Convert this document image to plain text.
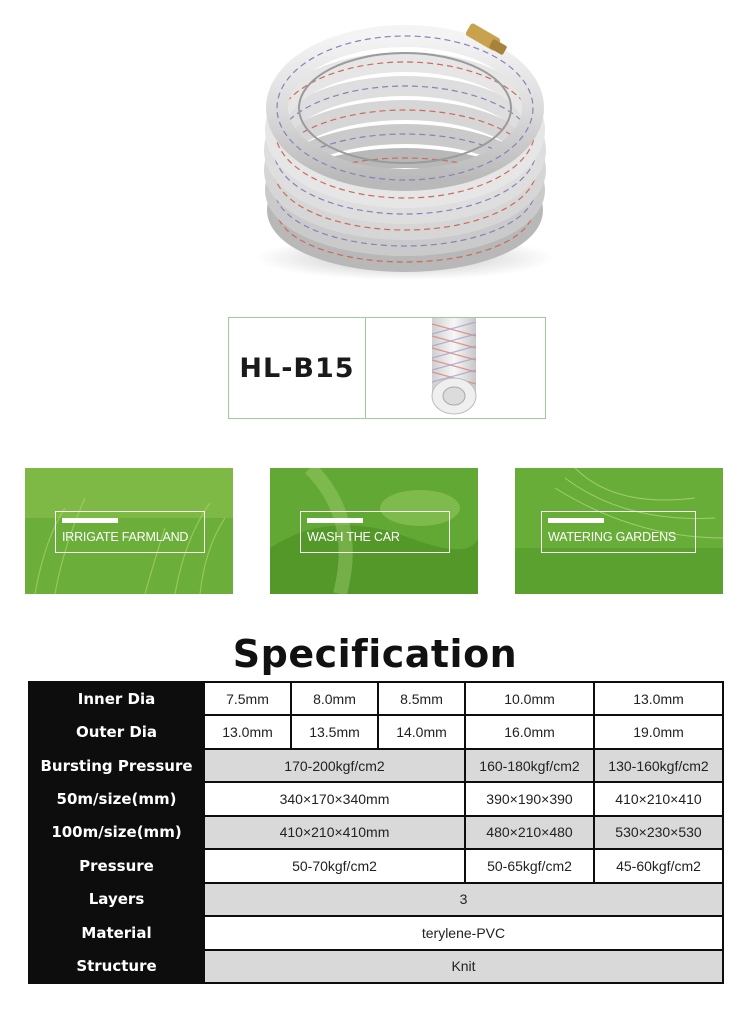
HL-B15
IRRIGATE FARMLAND	WASH THE CAR	WATERING GARDENS
Specification
Inner Dia	7.5mm	8.0mm	8.5mm	10.0mm	13.0mm
Outer Dia	13.0mm	13.5mm	14.0mm	16.0mm	19.0mm
Bursting Pressure	170-200kgf/cm2			160-180kgf/cm2	130-160kgf/cm2
50m/size(mm)	340×170×340mm			390×190×390	410×210×410
100m/size(mm)	410×210×410mm			480×210×480	530×230×530
Pressure	50-70kgf/cm2			50-65kgf/cm2	45-60kgf/cm2
Layers	3				
Material	terylene-PVC				
Structure	Knit				
